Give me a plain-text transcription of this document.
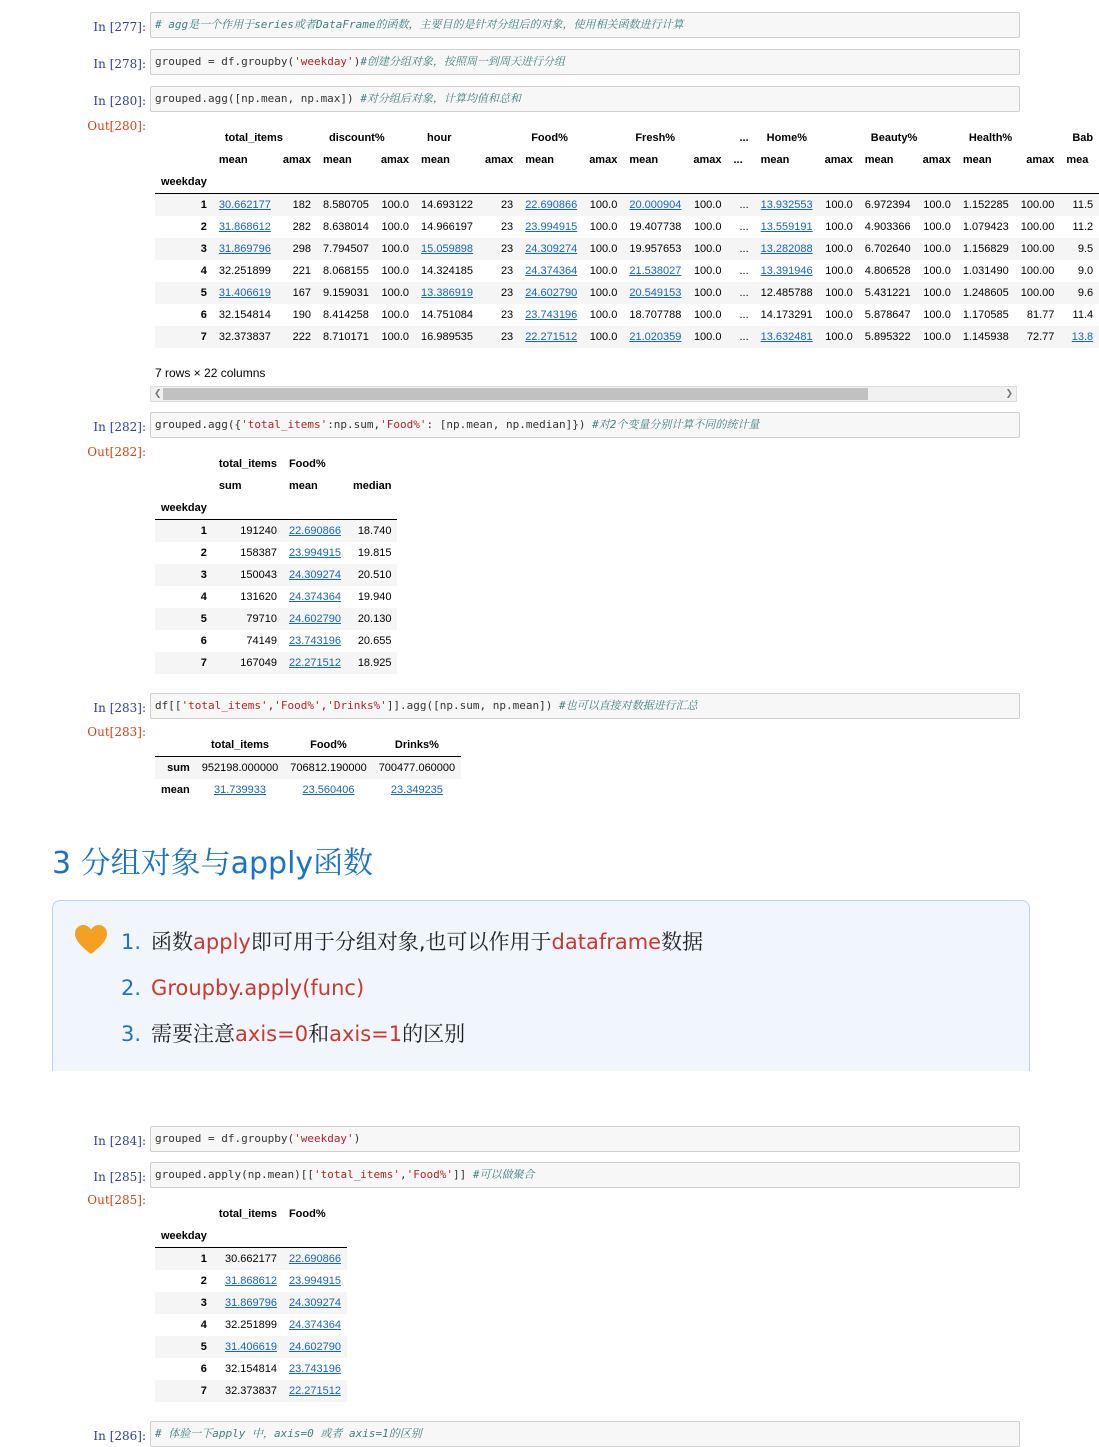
In [277]: # agg是一个作用于series或者DataFrame的函数，主要目的是针对分组后的对象，使用相关函数进行计算
In [278]: grouped = df.groupby('weekday')#创建分组对象，按照周一到周天进行分组
In [280]: grouped.agg([np.mean, np.max]) #对分组后对象，计算均值和总和
Out[280]:
	total_items		discount%		hour		Food%		Fresh%		...	Home%		Beauty%		Health%		Bab
	mean	amax	mean	amax	mean	amax	mean	amax	mean	amax	...	mean	amax	mean	amax	mean	amax	mea
weekday																		
1	30.662177	182	8.580705	100.0	14.693122	23	22.690866	100.0	20.000904	100.0	...	13.932553	100.0	6.972394	100.0	1.152285	100.00	11.5
2	31.868612	282	8.638014	100.0	14.966197	23	23.994915	100.0	19.407738	100.0	...	13.559191	100.0	4.903366	100.0	1.079423	100.00	11.2
3	31.869796	298	7.794507	100.0	15.059898	23	24.309274	100.0	19.957653	100.0	...	13.282088	100.0	6.702640	100.0	1.156829	100.00	9.5
4	32.251899	221	8.068155	100.0	14.324185	23	24.374364	100.0	21.538027	100.0	...	13.391946	100.0	4.806528	100.0	1.031490	100.00	9.0
5	31.406619	167	9.159031	100.0	13.386919	23	24.602790	100.0	20.549153	100.0	...	12.485788	100.0	5.431221	100.0	1.248605	100.00	9.6
6	32.154814	190	8.414258	100.0	14.751084	23	23.743196	100.0	18.707788	100.0	...	14.173291	100.0	5.878647	100.0	1.170585	81.77	11.4
7	32.373837	222	8.710171	100.0	16.989535	23	22.271512	100.0	21.020359	100.0	...	13.632481	100.0	5.895322	100.0	1.145938	72.77	13.8
7 rows × 22 columns
❮	❯
In [282]: grouped.agg({'total_items':np.sum,'Food%': [np.mean, np.median]}) #对2个变量分别计算不同的统计量
Out[282]:
	total_items	Food%	
	sum	mean	median
weekday			
1	191240	22.690866	18.740
2	158387	23.994915	19.815
3	150043	24.309274	20.510
4	131620	24.374364	19.940
5	79710	24.602790	20.130
6	74149	23.743196	20.655
7	167049	22.271512	18.925
In [283]: df[['total_items','Food%','Drinks%']].agg([np.sum, np.mean]) #也可以直接对数据进行汇总
Out[283]:
	total_items	Food%	Drinks%
sum	952198.000000	706812.190000	700477.060000
mean	31.739933	23.560406	23.349235
3 分组对象与apply函数
1. 函数apply即可用于分组对象,也可以作用于dataframe数据
2. Groupby.apply(func)
3. 需要注意axis=0和axis=1的区别
In [284]: grouped = df.groupby('weekday')
In [285]: grouped.apply(np.mean)[['total_items','Food%']] #可以做聚合
Out[285]:
	total_items	Food%
weekday		
1	30.662177	22.690866
2	31.868612	23.994915
3	31.869796	24.309274
4	32.251899	24.374364
5	31.406619	24.602790
6	32.154814	23.743196
7	32.373837	22.271512
In [286]: # 体验一下apply 中，axis=0 或者 axis=1的区别
